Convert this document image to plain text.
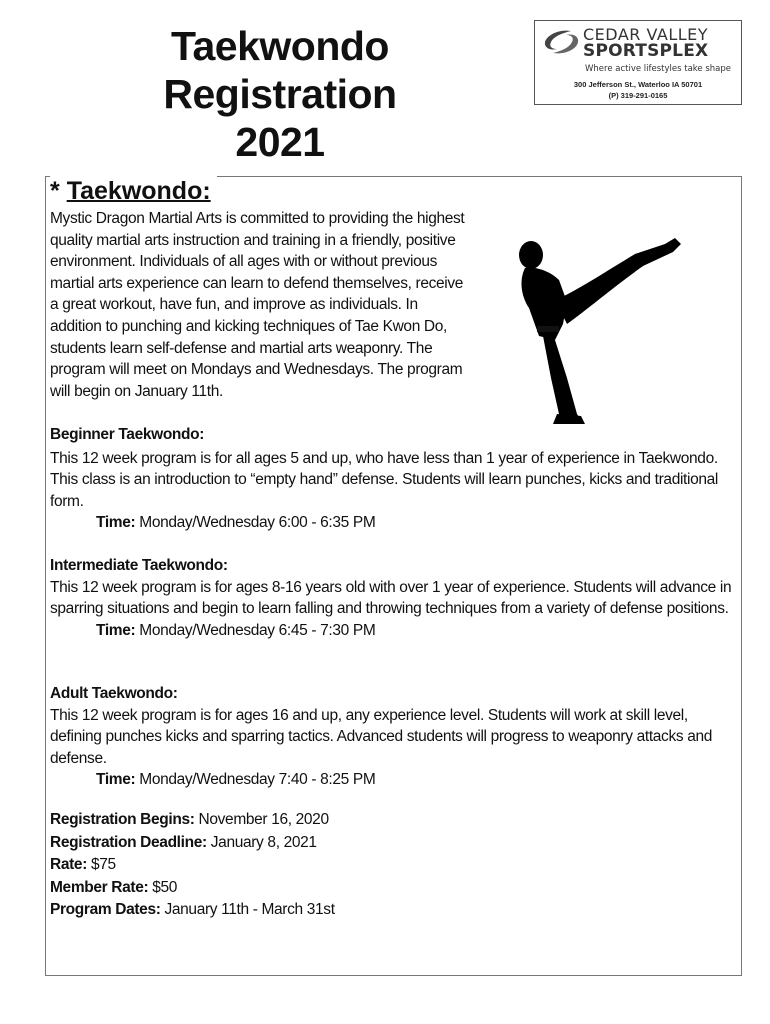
Taekwondo
Registration
2021
CEDAR VALLEY
SPORTSPLEX
Where active lifestyles take shape
300 Jefferson St., Waterloo IA 50701
(P) 319-291-0165
* Taekwondo:
Mystic Dragon Martial Arts is committed to providing the highest quality martial arts instruction and training in a friendly, positive environment. Individuals of all ages with or without previous martial arts experience can learn to defend themselves, receive a great workout, have fun, and improve as individuals. In addition to punching and kicking techniques of Tae Kwon Do, students learn self-defense and martial arts weaponry. The program will meet on Mondays and Wednesdays. The program will begin on January 11th.
Beginner Taekwondo:
This 12 week program is for all ages 5 and up, who have less than 1 year of experience in Taekwondo. This class is an introduction to “empty hand” defense. Students will learn punches, kicks and traditional form.
Time: Monday/Wednesday 6:00 - 6:35 PM
Intermediate Taekwondo:
This 12 week program is for ages 8-16 years old with over 1 year of experience. Students will advance in sparring situations and begin to learn falling and throwing techniques from a variety of defense positions.
Time: Monday/Wednesday 6:45 - 7:30 PM
Adult Taekwondo:
This 12 week program is for ages 16 and up, any experience level. Students will work at skill level, defining punches kicks and sparring tactics. Advanced students will progress to weaponry attacks and defense.
Time: Monday/Wednesday 7:40 - 8:25 PM
Registration Begins: November 16, 2020
Registration Deadline: January 8, 2021
Rate: $75
Member Rate: $50
Program Dates: January 11th - March 31st
